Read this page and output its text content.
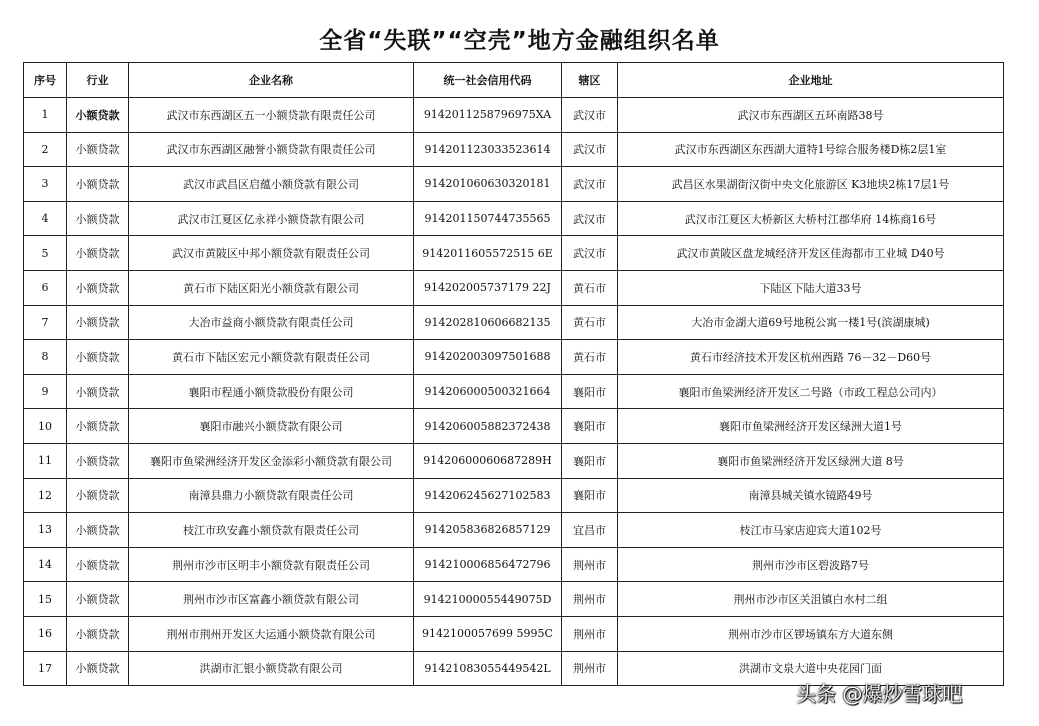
全省“失联”“空壳”地方金融组织名单
序号	行业	企业名称	统一社会信用代码	辖区	企业地址
1	小额贷款	武汉市东西湖区五一小额贷款有限责任公司	9142011258796975XA	武汉市	武汉市东西湖区五环南路38号
2	小额贷款	武汉市东西湖区融誉小额贷款有限责任公司	914201123033523614	武汉市	武汉市东西湖区东西湖大道特1号综合服务楼D栋2层1室
3	小额贷款	武汉市武昌区启蕴小额贷款有限公司	914201060630320181	武汉市	武昌区水果湖街汉街中央文化旅游区 K3地块2栋17层1号
4	小额贷款	武汉市江夏区亿永祥小额贷款有限公司	914201150744735565	武汉市	武汉市江夏区大桥新区大桥村江郡华府 14栋商16号
5	小额贷款	武汉市黄陂区中邦小额贷款有限责任公司	9142011605572515 6E	武汉市	武汉市黄陂区盘龙城经济开发区佳海都市工业城 D40号
6	小额贷款	黄石市下陆区阳光小额贷款有限公司	914202005737179 22J	黄石市	下陆区下陆大道33号
7	小额贷款	大冶市益商小额贷款有限责任公司	914202810606682135	黄石市	大冶市金湖大道69号地税公寓一楼1号(滨湖康城)
8	小额贷款	黄石市下陆区宏元小额贷款有限责任公司	914202003097501688	黄石市	黄石市经济技术开发区杭州西路 76－32－D60号
9	小额贷款	襄阳市程通小额贷款股份有限公司	914206000500321664	襄阳市	襄阳市鱼梁洲经济开发区二号路（市政工程总公司内）
10	小额贷款	襄阳市融兴小额贷款有限公司	914206005882372438	襄阳市	襄阳市鱼梁洲经济开发区绿洲大道1号
11	小额贷款	襄阳市鱼梁洲经济开发区金添彩小额贷款有限公司	91420600060687289H	襄阳市	襄阳市鱼梁洲经济开发区绿洲大道 8号
12	小额贷款	南漳县鼎力小额贷款有限责任公司	914206245627102583	襄阳市	南漳县城关镇水镜路49号
13	小额贷款	枝江市玖安鑫小额贷款有限责任公司	914205836826857129	宜昌市	枝江市马家店迎宾大道102号
14	小额贷款	荆州市沙市区明丰小额贷款有限责任公司	914210006856472796	荆州市	荆州市沙市区碧波路7号
15	小额贷款	荆州市沙市区富鑫小额贷款有限公司	91421000055449075D	荆州市	荆州市沙市区关沮镇白水村二组
16	小额贷款	荆州市荆州开发区大运通小额贷款有限公司	9142100057699 5995C	荆州市	荆州市沙市区锣场镇东方大道东侧
17	小额贷款	洪湖市汇银小额贷款有限公司	91421083055449542L	荆州市	洪湖市文泉大道中央花园门面
头条 @爆炒雪球吧
